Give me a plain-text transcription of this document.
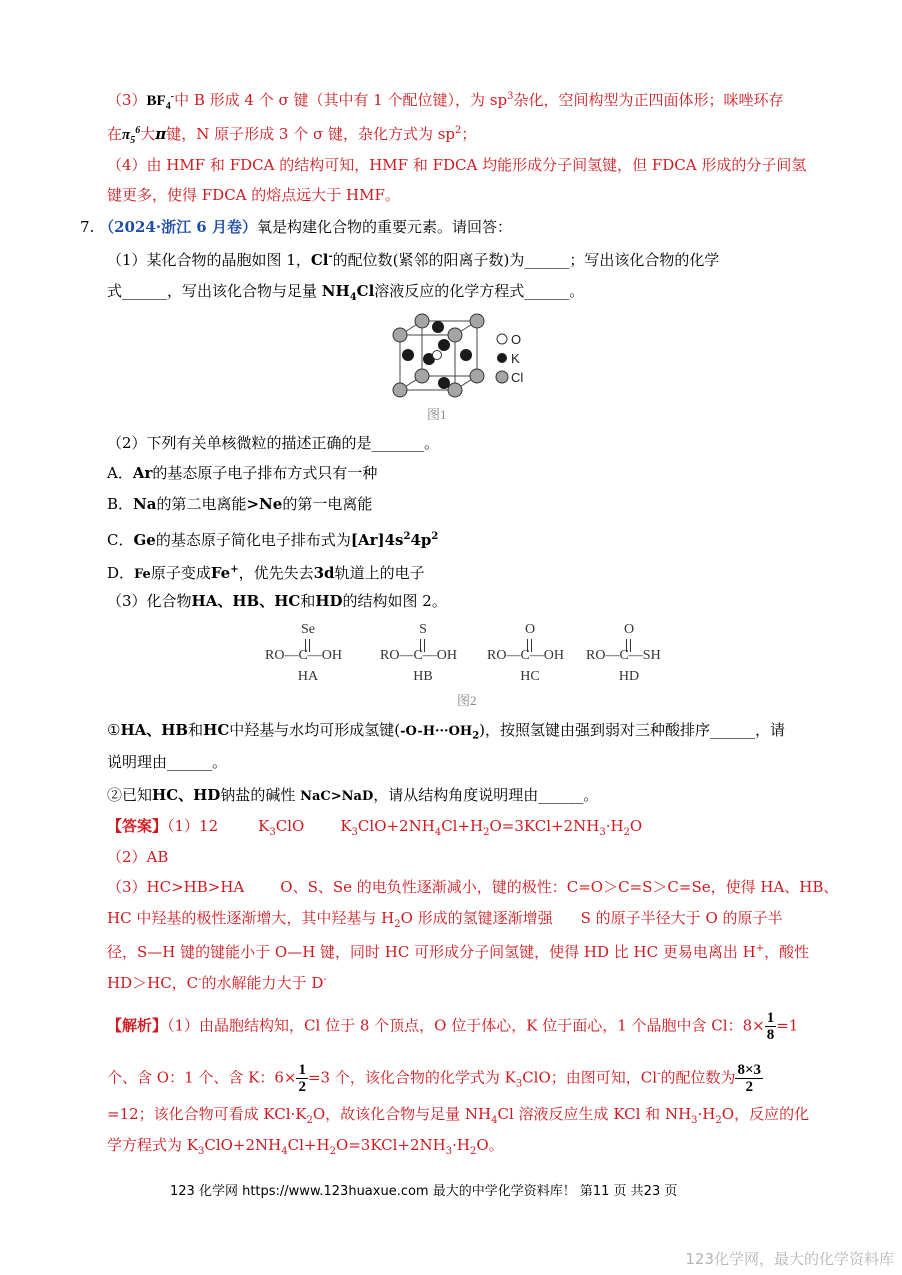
$(3)BF_4^-$中 B 形成 4 个 σ 键（其中有 1 个配位键），为 $sp^3$杂化，空间构型为正四面体形；咪唑环存
在$\pi_5^6$大π键，N 原子形成 3 个 σ 键，杂化方式为 $sp^2$；
（4）由 HMF 和 FDCA 的结构可知，HMF 和 FDCA 均能形成分子间氢键，但 FDCA 形成的分子间氢
键更多，使得 FDCA 的熔点远大于 HMF。
7. （2024·浙江 6 月卷）氧是构建化合物的重要元素。请回答：
（1）某化合物的晶胞如图 1，Cl-的配位数(紧邻的阳离子数)为______；写出该化合物的化学
式______，写出该化合物与足量 $NH_4Cl$溶液反应的化学方程式______。
O
K
Cl
图1
（2）下列有关单核微粒的描述正确的是_______。
A．Ar的基态原子电子排布方式只有一种
B．Na的第二电离能>Ne的第一电离能
C．Ge的基态原子简化电子排布式为$[Ar]4s^24p^2$
D．Fe原子变成Fe+，优先失去3d轨道上的电子
（3）化合物HA、HB、HC和HD的结构如图 2。
Se
RO—C—OH
HA
S
RO—C—OH
HB
O
RO—C—OH
HC
O
RO—C—SH
HD
图2
①HA、HB和HC中羟基与水均可形成氢键$(-O-H\cdot\cdot\cdot OH_2)$，按照氢键由强到弱对三种酸排序______，请
说明理由______。
②已知HC、HD钠盐的碱性 NaC>NaD，请从结构角度说明理由______。
【答案】（1）12	$K_3ClO$ $K_3ClO+2NH_4Cl+H_2O=3KCl+2NH_3\cdot H_2O$
（2）AB
（3）HC>HB>HA O、S、Se 的电负性逐渐减小，键的极性：C=O＞C=S＞C=Se，使得 HA、HB、
HC 中羟基的极性逐渐增大，其中羟基与 $H_2O$ 形成的氢键逐渐增强 S 的原子半径大于 O 的原子半
径，S—H 键的键能小于 O—H 键，同时 HC 可形成分子间氢键，使得 HD 比 HC 更易电离出 H+，酸性
HD＞HC，C-的水解能力大于 D-
【解析】（1）由晶胞结构知，Cl 位于 8 个顶点，O 位于体心，K 位于面心，1 个晶胞中含 Cl：$8\times \frac{1}{8} =1$
个、含 O：1 个、含 K：$6\times \frac{1}{2} =3$ 个，该化合物的化学式为 $K_3ClO$；由图可知，Cl-的配位数为 $\frac{8\times 3}{2}$
=12；该化合物可看成 $KCl\cdot K_2O$，故该化合物与足量 $NH_4Cl$ 溶液反应生成 KCl 和 $NH_3\cdot H_2O$，反应的化
学方程式为 $K_3ClO+2NH_4Cl+H_2O=3KCl+2NH_3\cdot H_2O$。
123 化学网 https://www.123huaxue.com 最大的中学化学资料库！ 第11 页 共23 页
123化学网，最大的化学资料库
